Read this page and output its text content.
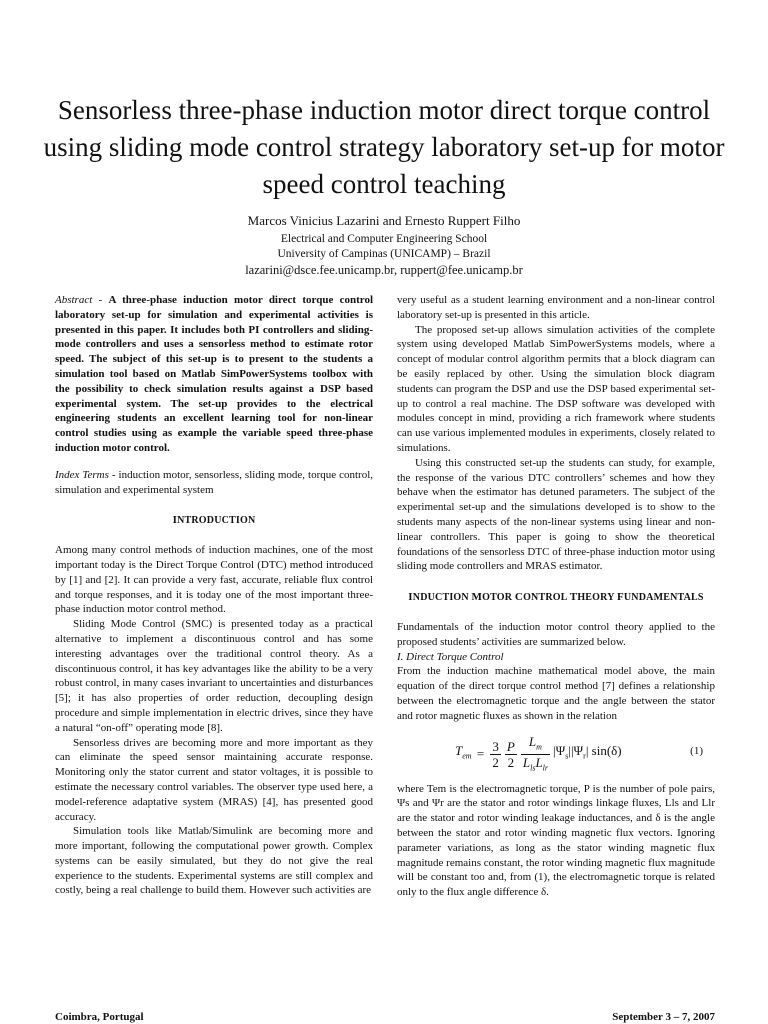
Sensorless three-phase induction motor direct torque control using sliding mode control strategy laboratory set-up for motor speed control teaching
Marcos Vinicius Lazarini and Ernesto Ruppert Filho
Electrical and Computer Engineering School
University of Campinas (UNICAMP) – Brazil
lazarini@dsce.fee.unicamp.br, ruppert@fee.unicamp.br

Abstract - A three-phase induction motor direct torque control laboratory set-up for simulation and experimental activities is presented in this paper. It includes both PI controllers and sliding-mode controllers and uses a sensorless method to estimate rotor speed. The subject of this set-up is to present to the students a simulation tool based on Matlab SimPowerSystems toolbox with the possibility to check simulation results against a DSP based experimental system. The set-up provides to the electrical engineering students an excellent learning tool for non-linear control studies using as example the variable speed three-phase induction motor control.

Index Terms - induction motor, sensorless, sliding mode, torque control, simulation and experimental system

INTRODUCTION

Among many control methods of induction machines, one of the most important today is the Direct Torque Control (DTC) method introduced by [1] and [2]. It can provide a very fast, accurate, reliable flux control and torque responses, and it is today one of the most important three-phase induction motor control method.

Sliding Mode Control (SMC) is presented today as a practical alternative to implement a discontinuous control and has some interesting advantages over the traditional control theory. As a discontinuous control, it has key advantages like the ability to be a very robust control, in many cases invariant to uncertainties and disturbances [5]; it has also properties of order reduction, decoupling design procedure and simple implementation in electric drives, since they have a natural “on-off” operating mode [8].

Sensorless drives are becoming more and more important as they can eliminate the speed sensor maintaining accurate response. Monitoring only the stator current and stator voltages, it is possible to estimate the necessary control variables. The observer type used here, a model-reference adaptative system (MRAS) [4], has presented good accuracy.

Simulation tools like Matlab/Simulink are becoming more and more important, following the computational power growth. Complex systems can be easily simulated, but they do not give the real experience to the students. Experimental systems are still complex and costly, being a real challenge to build them. However such activities are

very useful as a student learning environment and a non-linear control laboratory set-up is presented in this article.

The proposed set-up allows simulation activities of the complete system using developed Matlab SimPowerSystems models, where a concept of modular control algorithm permits that a block diagram can be easily replaced by other. Using the simulation block diagram students can program the DSP and use the DSP based experimental set-up to control a real machine. The DSP software was developed with modules concept in mind, providing a rich framework where students can use various implemented modules in experiments, closely related to simulations.

Using this constructed set-up the students can study, for example, the response of the various DTC controllers’ schemes and how they behave when the estimator has detuned parameters. The subject of the experimental set-up and the simulations developed is to show to the students many aspects of the non-linear systems using linear and non-linear controllers. This paper is going to show the theoretical foundations of the sensorless DTC of three-phase induction motor using sliding mode controllers and MRAS estimator.

INDUCTION MOTOR CONTROL THEORY FUNDAMENTALS

Fundamentals of the induction motor control theory applied to the proposed students’ activities are summarized below.

I. Direct Torque Control

From the induction machine mathematical model above, the main equation of the direct torque control method [7] defines a relationship between the electromagnetic torque and the angle between the stator and rotor magnetic fluxes as shown in the relation

$T_{em} = \frac{3}{2} \frac{P}{2} \frac{L_m}{L_{ls}L_{lr}} |\Psi_s||\Psi_r|$ sin(δ)	(1)

where Tem is the electromagnetic torque, P is the number of pole pairs, Ψs and Ψr are the stator and rotor windings linkage fluxes, Lls and Llr are the stator and rotor winding leakage inductances, and δ is the angle between the stator and rotor winding magnetic flux vectors. Ignoring parameter variations, as long as the stator winding magnetic flux magnitude remains constant, the rotor winding magnetic flux magnitude will be constant too and, from (1), the electromagnetic torque is related only to the flux angle difference δ.

Coimbra, Portugal	September 3 – 7, 2007
